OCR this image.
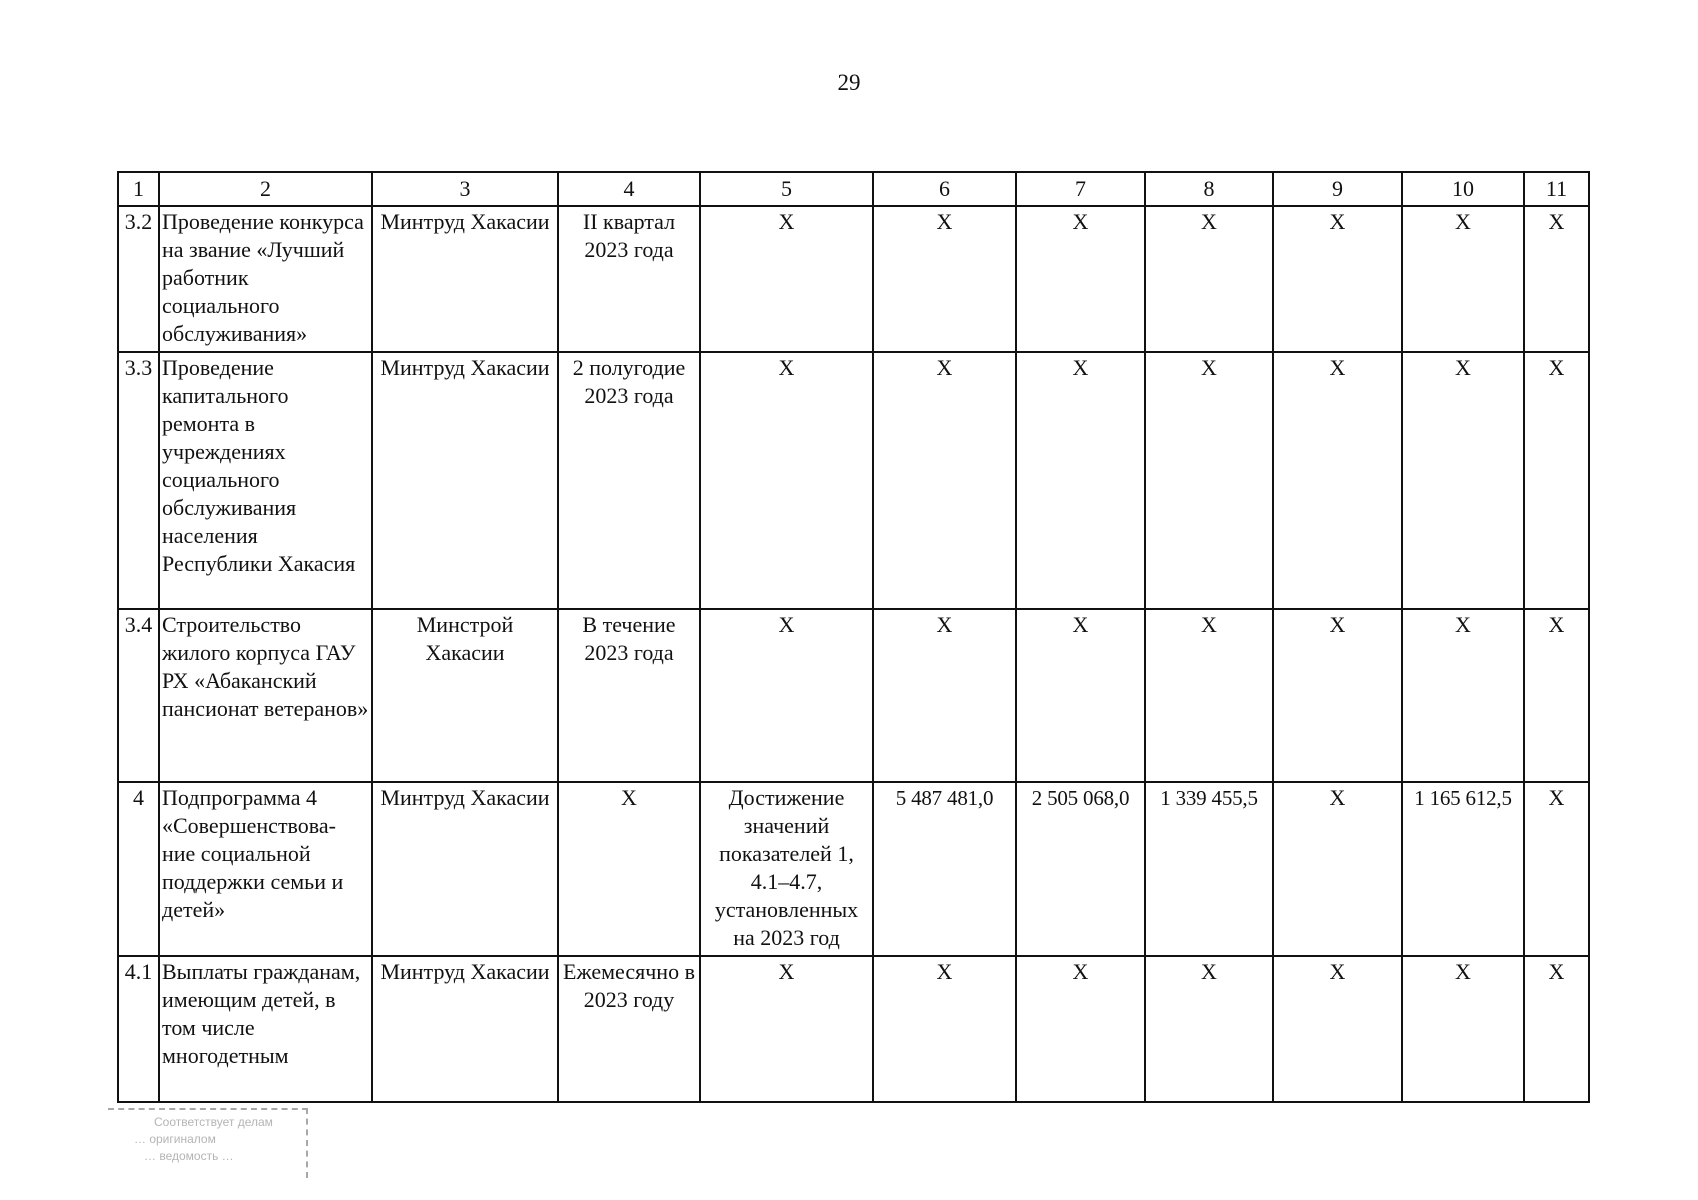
29
1	2	3	4	5	6	7	8	9	10	11
3.2	Проведение конкурса на звание «Лучший работник социального обслуживания»	Минтруд Хакасии	II квартал 2023 года	X	X	X	X	X	X	X
3.3	Проведение капитального ремонта в учреждениях социального обслуживания населения Республики Хакасия	Минтруд Хакасии	2 полугодие 2023 года	X	X	X	X	X	X	X
3.4	Строительство жилого корпуса ГАУ РХ «Абаканский пансионат ветеранов»	Минстрой Хакасии	В течение 2023 года	X	X	X	X	X	X	X
4	Подпрограмма 4 «Совершенствова-ние социальной поддержки семьи и детей»	Минтруд Хакасии	X	Достижение значений показателей 1, 4.1–4.7, установленных на 2023 год	5 487 481,0	2 505 068,0	1 339 455,5	X	1 165 612,5	X
4.1	Выплаты гражданам, имеющим детей, в том числе многодетным	Минтруд Хакасии	Ежемесячно в 2023 году	X	X	X	X	X	X	X
Соответствует делам
… оригиналом
… ведомость …
